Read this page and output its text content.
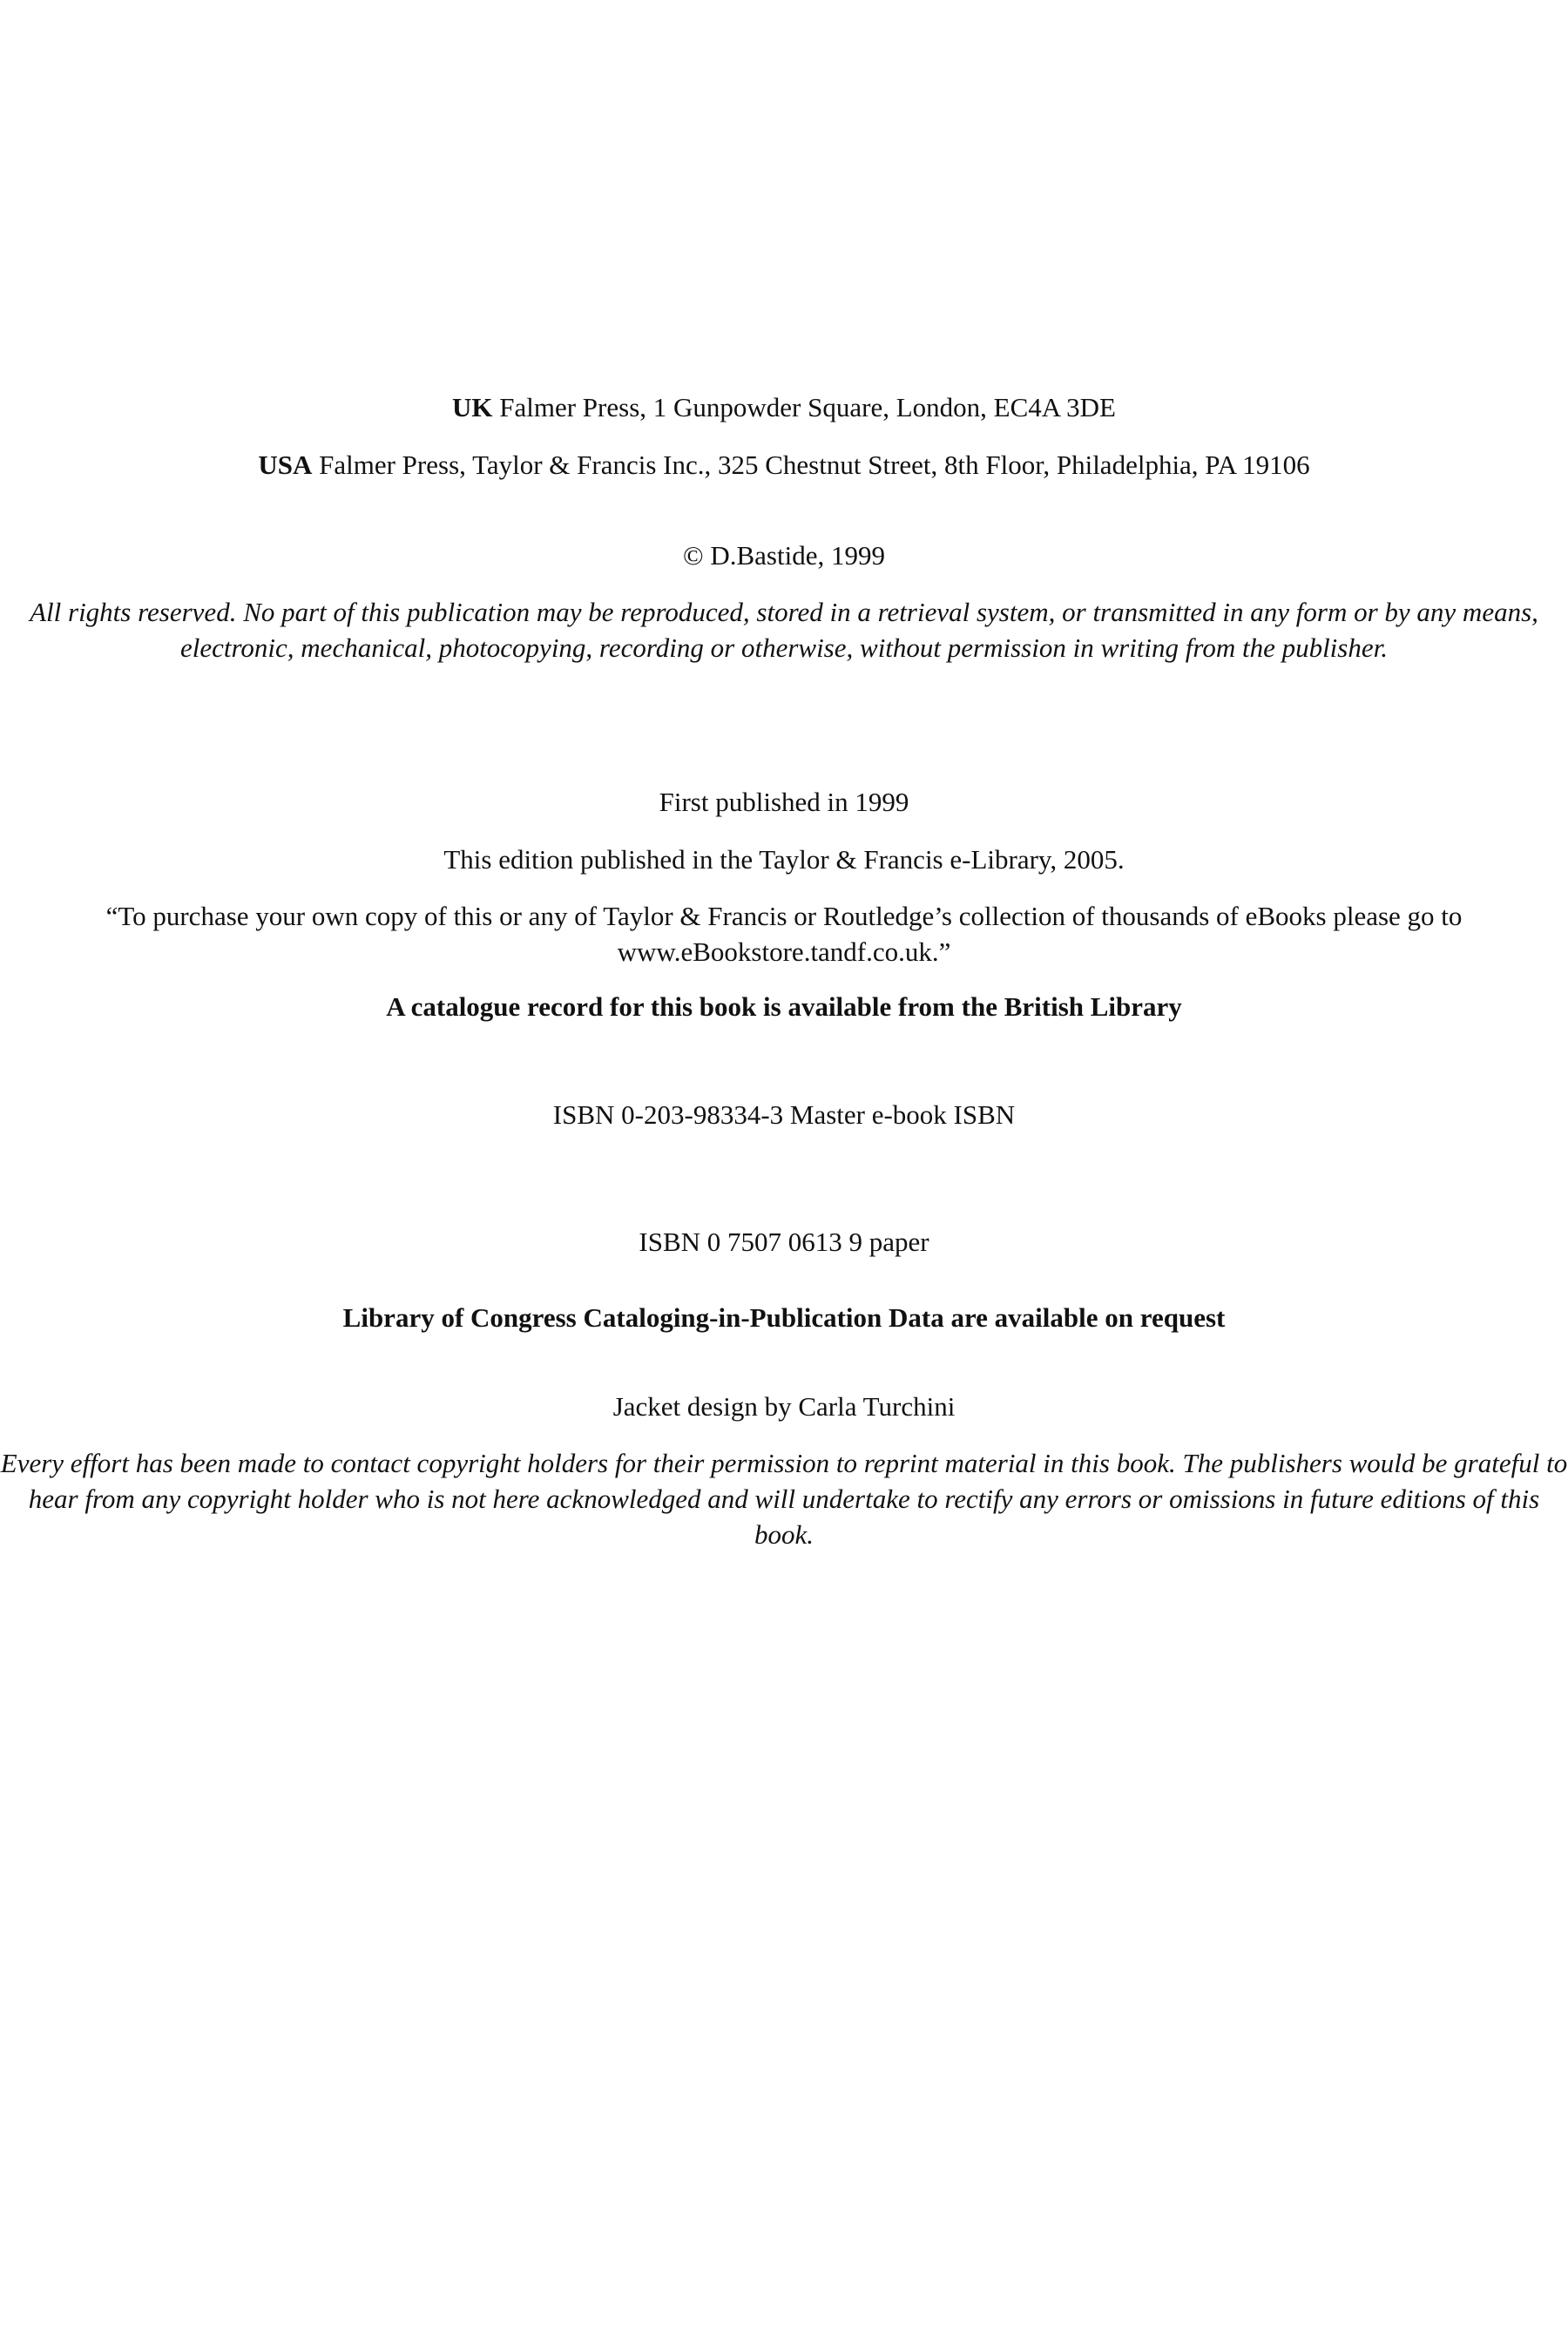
UK Falmer Press, 1 Gunpowder Square, London, EC4A 3DE

USA Falmer Press, Taylor & Francis Inc., 325 Chestnut Street, 8th Floor, Philadelphia, PA 19106

© D.Bastide, 1999

All rights reserved. No part of this publication may be reproduced, stored in a retrieval system, or transmitted in any form or by any means, electronic, mechanical, photocopying, recording or otherwise, without permission in writing from the publisher.

First published in 1999

This edition published in the Taylor & Francis e-Library, 2005.

“To purchase your own copy of this or any of Taylor & Francis or Routledge’s collection of thousands of eBooks please go to www.eBookstore.tandf.co.uk.”

A catalogue record for this book is available from the British Library

ISBN 0-203-98334-3 Master e-book ISBN

ISBN 0 7507 0613 9 paper

Library of Congress Cataloging-in-Publication Data are available on request

Jacket design by Carla Turchini

Every effort has been made to contact copyright holders for their permission to reprint material in this book. The publishers would be grateful to hear from any copyright holder who is not here acknowledged and will undertake to rectify any errors or omissions in future editions of this book.
